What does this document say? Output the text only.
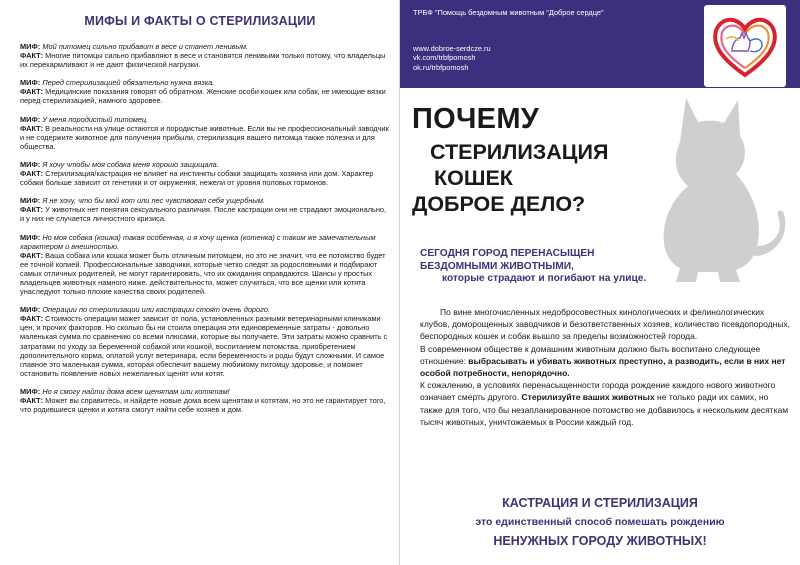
МИФЫ И ФАКТЫ О СТЕРИЛИЗАЦИИ
МИФ: Мой питомец сильно прибавит в весе и станет ленивым.
ФАКТ: Многие питомцы сильно прибавляют в весе и становятся ленивыми только потому, что владельцы их перекармливают и не дают физической нагрузки.
МИФ: Перед стерилизацией обязательно нужна вязка.
ФАКТ: Медицинские показания говорят об обратном. Женские особи кошек или собак, не имеющие вязки перед стерилизацией, намного здоровее.
МИФ: У меня породистый питомец.
ФАКТ: В реальности на улице остаются и породистые животные. Если вы не профессиональный заводчик и не содержите животное для получения прибыли, стерилизация вашего питомца также полезна и для общества.
МИФ: Я хочу чтобы моя собака меня хорошо защищала.
ФАКТ: Стерилизация/кастрация не влияет на инстинкты собаки защищать хозяина или дом. Характер собаки больше зависит от генетики и от окружения, нежели от уровня половых гормонов.
МИФ: Я не хочу, что бы мой кот или пес чувствовал себя ущербным.
ФАКТ: У животных нет понятия сексуального различия. После кастрации они не страдают эмоционально, и у них не случается личностного кризиса.
МИФ: Но моя собака (кошка) такая особенная, и я хочу щенка (котенка) с таким же замечательным характером и внешностью.
ФАКТ: Ваша собака или кошка может быть отличным питомцем, но это не значит, что ее потомство будет ее точной копией. Профессиональные заводчики, которые четко следят за родословными и подбирают самых отличных родителей, не могут гарантировать, что их ожидания оправдаются. Шансы у простых владельцев животных намного ниже. действительности, может случиться, что все щенки или котята унаследуют только плохие качества своих родителей.
МИФ: Операции по стерилизации или кастрации стоят очень дорого.
ФАКТ: Стоимость операции может зависит от пола, установленных разными ветеринарными клиниками цен, и прочих факторов. Но сколько бы ни стоила операция эти единовременные затраты - довольно маленькая сумма по сравнению со всеми плюсами, которые вы получаете. Эти затраты можно сравнить с затратами по уходу за беременной собакой или кошкой, воспитанием потомства, приобретением дополнительного корма, оплатой услуг ветеринара, если беременность и роды будут сложными. И самое главное это маленькая сумма, которая обеспечит вашему любимому питомцу здоровье, и поможет остановить появление новых нежеланных щенят или котят.
МИФ: Но я смогу найти дома всем щенятам или котятам!
ФАКТ: Может вы справитесь, и найдете новые дома всем щенятам и котятам, но это не гарантирует того, что родившиеся щенки и котята смогут найти себе хозяев и дом.
ТРБФ "Помощь бездомным животным "Доброе сердце"
www.dobroe-serdcze.ru
vk.com/trbfpomosh
ok.ru/trbfpomosh
ПОЧЕМУ
СТЕРИЛИЗАЦИЯ
КОШЕК
ДОБРОЕ ДЕЛО?
СЕГОДНЯ ГОРОД ПЕРЕНАСЫЩЕН
БЕЗДОМНЫМИ ЖИВОТНЫМИ,
которые страдают и погибают на улице.
По вине многочисленных недобросовестных кинологических и фелинологических клубов, доморощенных заводчиков и безответственных хозяев, количество псевдопородных, беспородных кошек и собак вышло за пределы возможностей города.
В современном обществе к домашним животным должно быть воспитано следующее отношение: выбрасывать и убивать животных преступно, а разводить, если в них нет особой потребности, непорядочно.
К сожалению, в условиях перенасыщенности города рождение каждого нового животного означает смерть другого. Стерилизуйте ваших животных не только ради их самих, но также для того, что бы незапланированное потомство не добавилось к нескольким десяткам тысяч животных, уничтожаемых в России каждый год.
КАСТРАЦИЯ И СТЕРИЛИЗАЦИЯ
это единственный способ помешать рождению
НЕНУЖНЫХ ГОРОДУ ЖИВОТНЫХ!
